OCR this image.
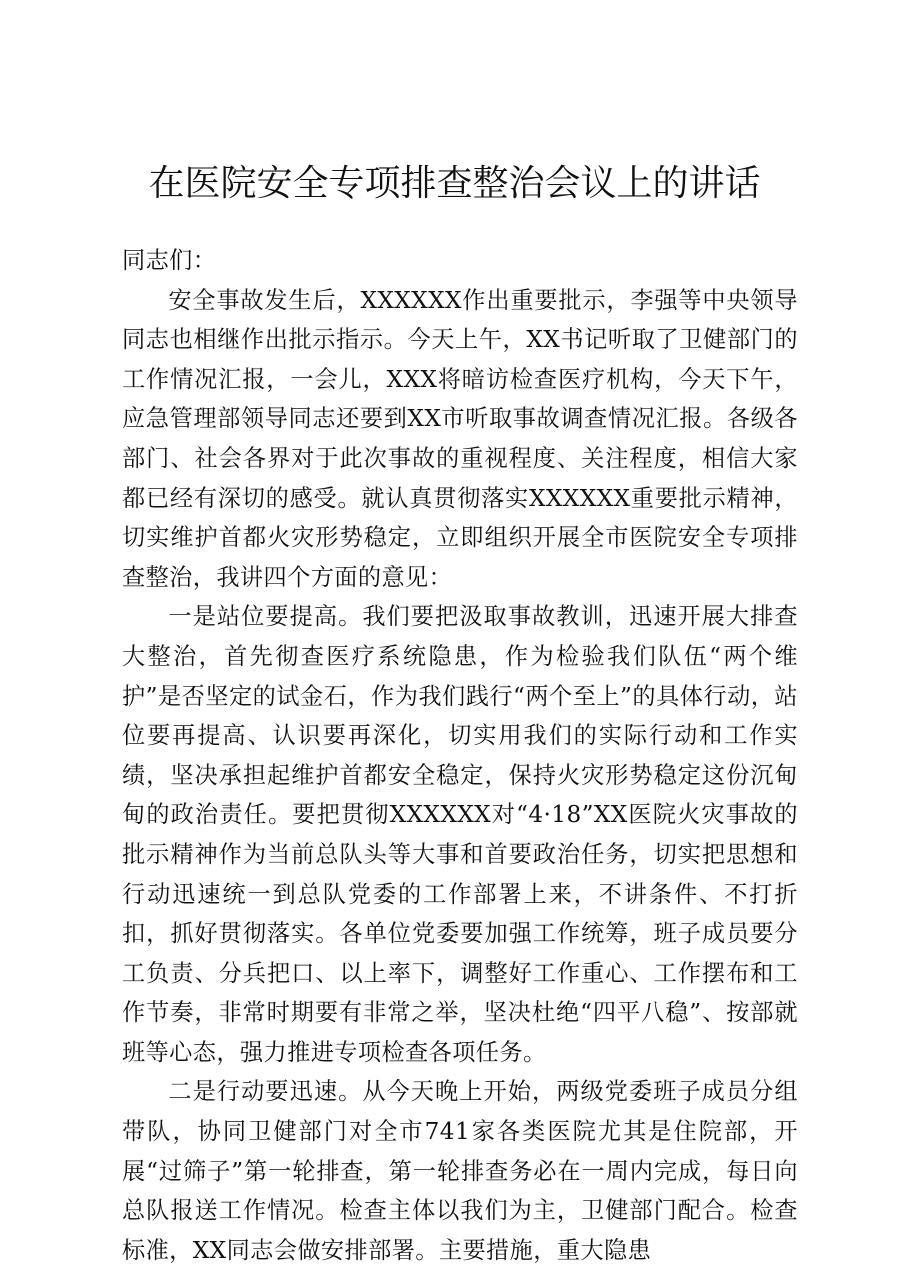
在医院安全专项排查整治会议上的讲话

同志们：

安全事故发生后，XXXXXX作出重要批示，李强等中央领导同志也相继作出批示指示。今天上午，XX书记听取了卫健部门的工作情况汇报，一会儿，XXX将暗访检查医疗机构，今天下午，应急管理部领导同志还要到XX市听取事故调查情况汇报。各级各部门、社会各界对于此次事故的重视程度、关注程度，相信大家都已经有深切的感受。就认真贯彻落实XXXXXX重要批示精神，切实维护首都火灾形势稳定，立即组织开展全市医院安全专项排查整治，我讲四个方面的意见：

一是站位要提高。我们要把汲取事故教训，迅速开展大排查大整治，首先彻查医疗系统隐患，作为检验我们队伍“两个维护”是否坚定的试金石，作为我们践行“两个至上”的具体行动，站位要再提高、认识要再深化，切实用我们的实际行动和工作实绩，坚决承担起维护首都安全稳定，保持火灾形势稳定这份沉甸甸的政治责任。要把贯彻XXXXXX对“4·18”XX医院火灾事故的批示精神作为当前总队头等大事和首要政治任务，切实把思想和行动迅速统一到总队党委的工作部署上来，不讲条件、不打折扣，抓好贯彻落实。各单位党委要加强工作统筹，班子成员要分工负责、分兵把口、以上率下，调整好工作重心、工作摆布和工作节奏，非常时期要有非常之举，坚决杜绝“四平八稳”、按部就班等心态，强力推进专项检查各项任务。

二是行动要迅速。从今天晚上开始，两级党委班子成员分组带队，协同卫健部门对全市741家各类医院尤其是住院部，开展“过筛子”第一轮排查，第一轮排查务必在一周内完成，每日向总队报送工作情况。检查主体以我们为主，卫健部门配合。检查标准，XX同志会做安排部署。主要措施，重大隐患
